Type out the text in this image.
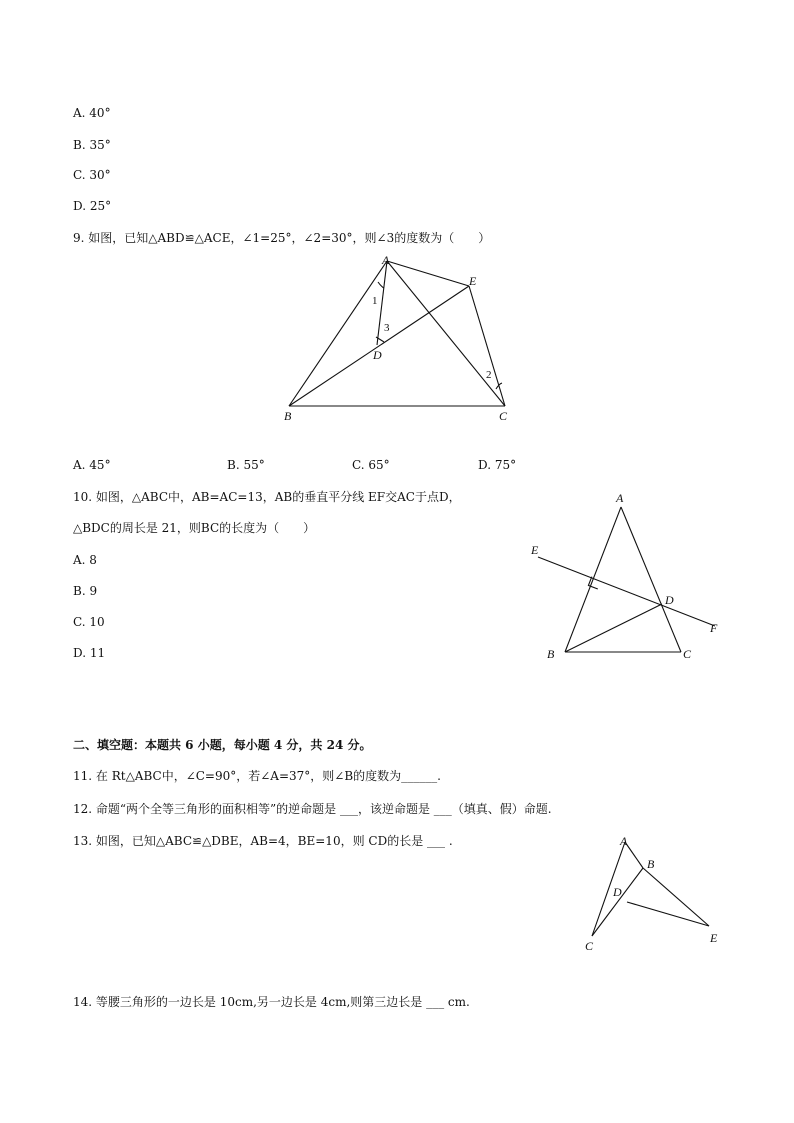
A. 40°
B. 35°
C. 30°
D. 25°
9. 如图，已知△ABD≌△ACE，∠1=25°，∠2=30°，则∠3的度数为（　　）
A
B	C
D
E
1
3
2
A. 45°	B. 55°	C. 65°	D. 75°
10. 如图，△ABC中，AB=AC=13，AB的垂直平分线 EF交AC于点D，
△BDC的周长是 21，则BC的长度为（　　）
A. 8
B. 9
C. 10
D. 11
A
B	C
D
E
F
二、填空题：本题共 6 小题，每小题 4 分，共 24 分。
11. 在 Rt△ABC中，∠C=90°，若∠A=37°，则∠B的度数为______.
12. 命题“两个全等三角形的面积相等”的逆命题是 ___，该逆命题是 ___（填真、假）命题.
13. 如图，已知△ABC≌△DBE，AB=4，BE=10，则 CD的长是 ___ .	A
B
C
D
E
14. 等腰三角形的一边长是 10cm,另一边长是 4cm,则第三边长是 ___ cm.
